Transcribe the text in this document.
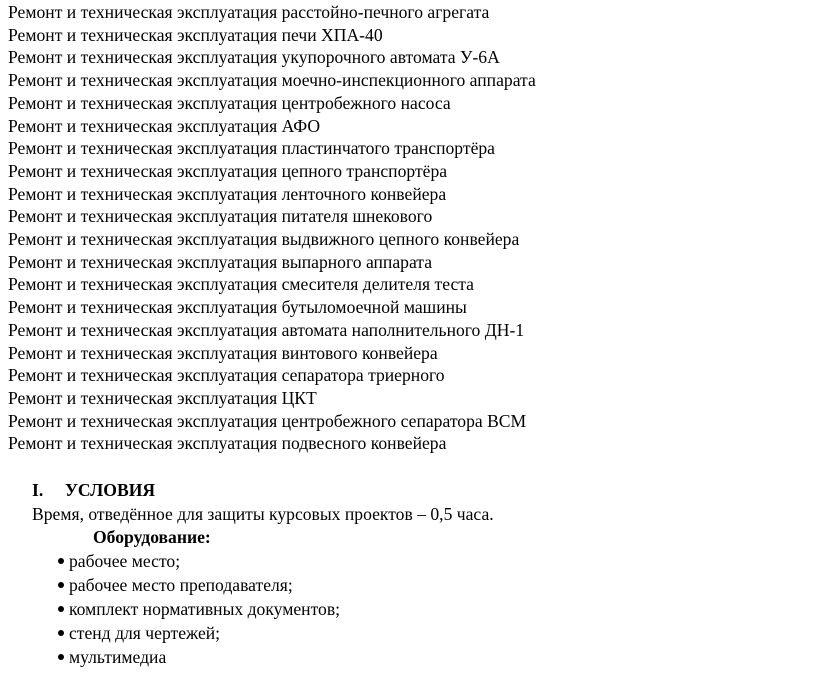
Ремонт и техническая эксплуатация расстойно-печного агрегата
Ремонт и техническая эксплуатация печи ХПА-40
Ремонт и техническая эксплуатация укупорочного автомата У-6А
Ремонт и техническая эксплуатация моечно-инспекционного аппарата
Ремонт и техническая эксплуатация центробежного насоса
Ремонт и техническая эксплуатация АФО
Ремонт и техническая эксплуатация пластинчатого транспортёра
Ремонт и техническая эксплуатация цепного транспортёра
Ремонт и техническая эксплуатация ленточного конвейера
Ремонт и техническая эксплуатация питателя шнекового
Ремонт и техническая эксплуатация выдвижного цепного конвейера
Ремонт и техническая эксплуатация выпарного аппарата
Ремонт и техническая эксплуатация смесителя делителя теста
Ремонт и техническая эксплуатация бутыломоечной машины
Ремонт и техническая эксплуатация автомата наполнительного ДН-1
Ремонт и техническая эксплуатация винтового конвейера
Ремонт и техническая эксплуатация сепаратора триерного
Ремонт и техническая эксплуатация ЦКТ
Ремонт и техническая эксплуатация центробежного сепаратора ВСМ
Ремонт и техническая эксплуатация подвесного конвейера
I. УСЛОВИЯ
Время, отведённое для защиты курсовых проектов – 0,5 часа.
Оборудование:
рабочее место;
рабочее место преподавателя;
комплект нормативных документов;
стенд для чертежей;
мультимедиа
